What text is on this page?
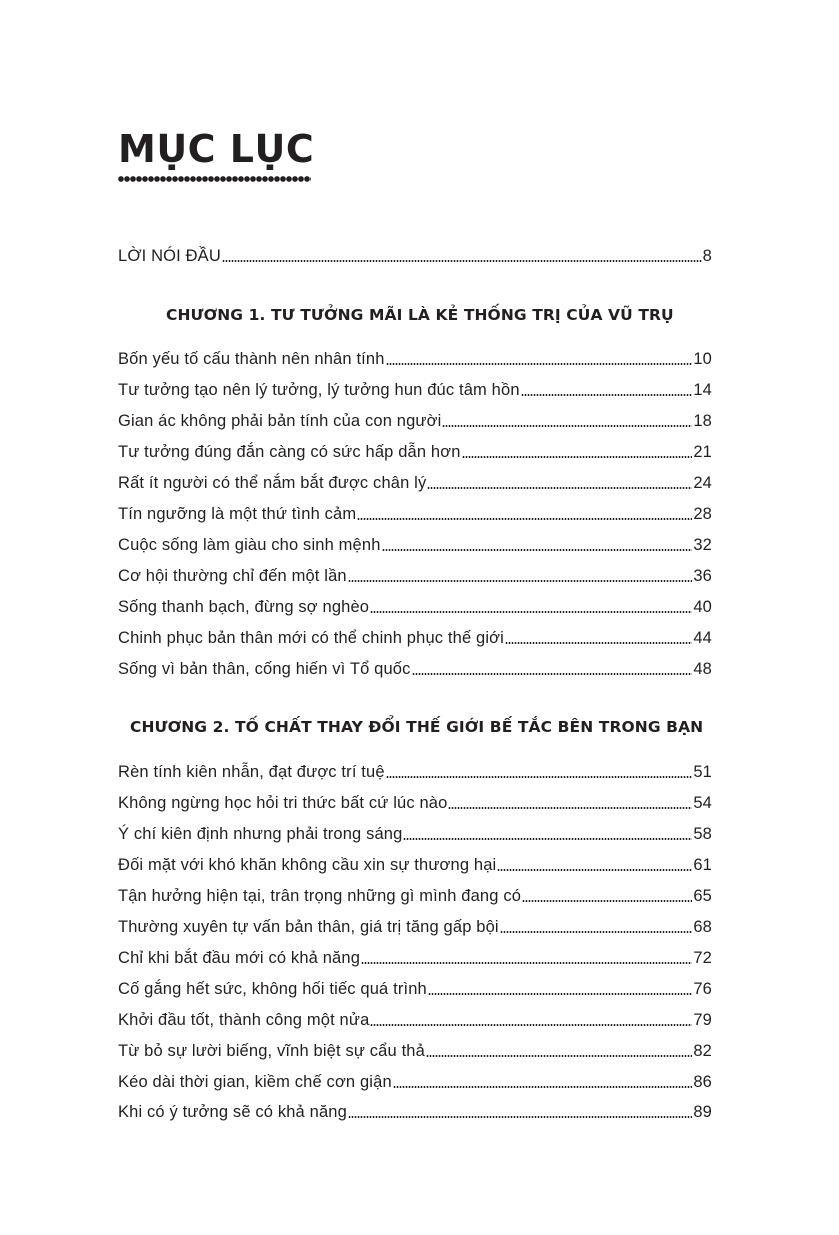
MỤC LỤC
LỜI NÓI ĐẦU	8
CHƯƠNG 1. TƯ TƯỞNG MÃI LÀ KẺ THỐNG TRỊ CỦA VŨ TRỤ
Bốn yếu tố cấu thành nên nhân tính	10
Tư tưởng tạo nên lý tưởng, lý tưởng hun đúc tâm hồn	14
Gian ác không phải bản tính của con người	18
Tư tưởng đúng đắn càng có sức hấp dẫn hơn	21
Rất ít người có thể nắm bắt được chân lý	24
Tín ngưỡng là một thứ tình cảm	28
Cuộc sống làm giàu cho sinh mệnh	32
Cơ hội thường chỉ đến một lần	36
Sống thanh bạch, đừng sợ nghèo	40
Chinh phục bản thân mới có thể chinh phục thế giới	44
Sống vì bản thân, cống hiến vì Tổ quốc	48
CHƯƠNG 2. TỐ CHẤT THAY ĐỔI THẾ GIỚI BẾ TẮC BÊN TRONG BẠN
Rèn tính kiên nhẫn, đạt được trí tuệ	51
Không ngừng học hỏi tri thức bất cứ lúc nào	54
Ý chí kiên định nhưng phải trong sáng	58
Đối mặt với khó khăn không cầu xin sự thương hại	61
Tận hưởng hiện tại, trân trọng những gì mình đang có	65
Thường xuyên tự vấn bản thân, giá trị tăng gấp bội	68
Chỉ khi bắt đầu mới có khả năng	72
Cố gắng hết sức, không hối tiếc quá trình	76
Khởi đầu tốt, thành công một nửa	79
Từ bỏ sự lười biếng, vĩnh biệt sự cẩu thả	82
Kéo dài thời gian, kiềm chế cơn giận	86
Khi có ý tưởng sẽ có khả năng	89
